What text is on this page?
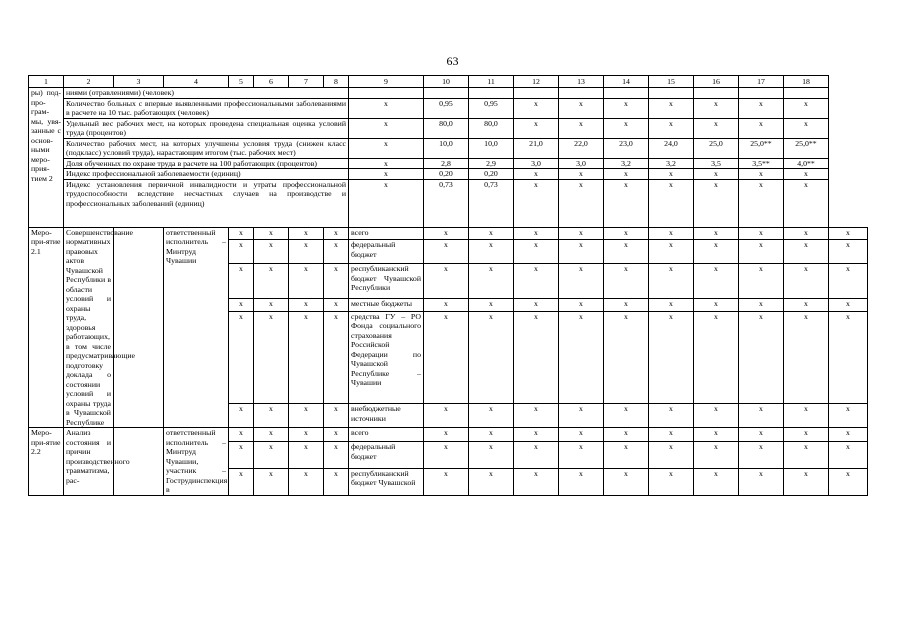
63
1	2	3	4	5	6	7	8	9	10	11	12	13	14	15	16	17	18	
ры) под-про-грам-мы, увя-занные с основ-ными меро-прия-тием 2	ниями (отравлениями) (человек)																	
	Количество больных с впервые выявленными профессиональными заболеваниями в расчете на 10 тыс. работающих (человек)							x	0,95	0,95	x	x	x	x	x	x	x	
	Удельный вес рабочих мест, на которых проведена специальная оценка условий труда (процентов)							x	80,0	80,0	x	x	x	x	x	x	x	
	Количество рабочих мест, на которых улучшены условия труда (снижен класс (подкласс) условий труда), нарастающим итогом (тыс. рабочих мест)							x	10,0	10,0	21,0	22,0	23,0	24,0	25,0	25,0**	25,0**	
	Доля обученных по охране труда в расчете на 100 работающих (процентов)							x	2,8	2,9	3,0	3,0	3,2	3,2	3,5	3,5**	4,0**	
	Индекс профессиональной заболеваемости (единиц)							x	0,20	0,20	x	x	x	x	x	x	x	
	Индекс установления первичной инвалидности и утраты профессиональной трудоспособности вследствие несчастных случаев на производстве и профессиональных заболеваний (единиц)							x	0,73	0,73	x	x	x	x	x	x	x	
Меро-при-ятие 2.1	Совершенствование нормативных правовых актов Чувашской Республики в области условий и охраны труда, здоровья работающих, в том числе предусматривающие подготовку доклада о состоянии условий и охраны труда в Чувашской Республике		ответственный исполнитель – Минтруд Чувашии	x	x	x	x	всего	x	x	x	x	x	x	x	x	x	x
				x	x	x	x	федеральный бюджет	x	x	x	x	x	x	x	x	x	x
				x	x	x	x	республиканский бюджет Чувашской Республики	x	x	x	x	x	x	x	x	x	x
				x	x	x	x	местные бюджеты	x	x	x	x	x	x	x	x	x	x
				x	x	x	x	средства ГУ – РО Фонда социального страхования Российской Федерации по Чувашской Республике – Чувашии	x	x	x	x	x	x	x	x	x	x
				x	x	x	x	внебюджетные источники	x	x	x	x	x	x	x	x	x	x
Меро-при-ятие 2.2	Анализ состояния и причин производственного травматизма, рас-		ответственный исполнитель – Минтруд Чувашии, участник – Гострудинспекция в	x	x	x	x	всего	x	x	x	x	x	x	x	x	x	x
				x	x	x	x	федеральный бюджет	x	x	x	x	x	x	x	x	x	x
				x	x	x	x	республиканский бюджет Чувашской	x	x	x	x	x	x	x	x	x	x
